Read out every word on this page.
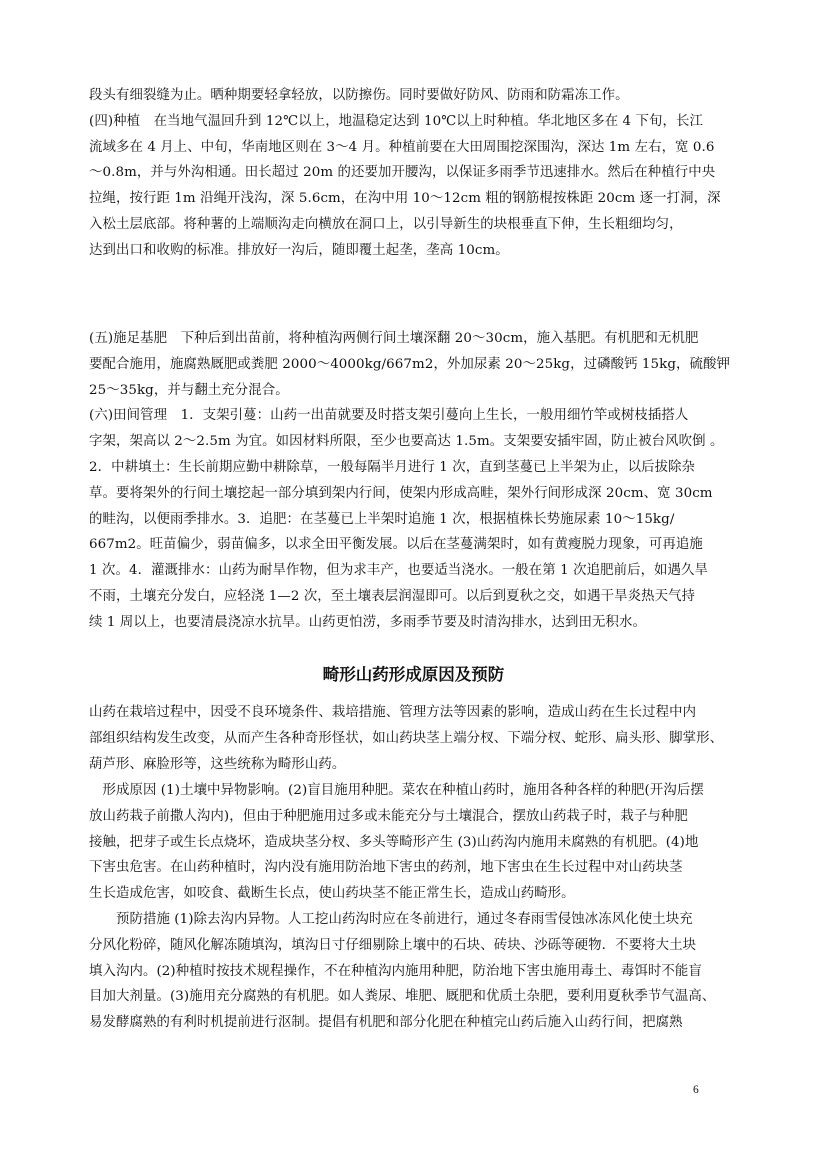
段头有细裂缝为止。晒种期要轻拿轻放，以防擦伤。同时要做好防风、防雨和防霜冻工作。
(四)种植　在当地气温回升到 12℃以上，地温稳定达到 10℃以上时种植。华北地区多在 4 下旬，长江
流域多在 4 月上、中旬，华南地区则在 3～4 月。种植前要在大田周围挖深围沟，深达 1m 左右，宽 0.6
～0.8m，并与外沟相通。田长超过 20m 的还要加开腰沟，以保证多雨季节迅速排水。然后在种植行中央
拉绳，按行距 1m 沿绳开浅沟，深 5.6cm，在沟中用 10～12cm 粗的钢筋棍按株距 20cm 逐一打洞，深
入松土层底部。将种薯的上端顺沟走向横放在洞口上，以引导新生的块根垂直下伸，生长粗细均匀，
达到出口和收购的标准。排放好一沟后，随即覆土起垄，垄高 10cm。
(五)施足基肥　下种后到出苗前，将种植沟两侧行间土壤深翻 20～30cm，施入基肥。有机肥和无机肥
要配合施用，施腐熟厩肥或粪肥 2000～4000kg/667m2，外加尿素 20～25kg，过磷酸钙 15kg，硫酸钾
25～35kg，并与翻土充分混合。
(六)田间管理　1．支架引蔓：山药一出苗就要及时搭支架引蔓向上生长，一般用细竹竿或树枝插搭人
字架，架高以 2～2.5m 为宜。如因材料所限，至少也要高达 1.5m。支架要安插牢固，防止被台风吹倒 。
2．中耕填土：生长前期应勤中耕除草，一般每隔半月进行 1 次，直到茎蔓已上半架为止，以后拔除杂
草。要将架外的行间土壤挖起一部分填到架内行间，使架内形成高畦，架外行间形成深 20cm、宽 30cm
的畦沟，以便雨季排水。3．追肥：在茎蔓已上半架时追施 1 次，根据植株长势施尿素 10～15kg/
667m2。旺苗偏少，弱苗偏多，以求全田平衡发展。以后在茎蔓满架时，如有黄瘦脱力现象，可再追施
1 次。4．灌溉排水：山药为耐旱作物，但为求丰产，也要适当浇水。一般在第 1 次追肥前后，如遇久旱
不雨，土壤充分发白，应轻浇 1—2 次，至土壤表层润湿即可。以后到夏秋之交，如遇干旱炎热天气持
续 1 周以上，也要清晨浇凉水抗旱。山药更怕涝，多雨季节要及时清沟排水，达到田无积水。
畸形山药形成原因及预防
山药在栽培过程中，因受不良环境条件、栽培措施、管理方法等因素的影响，造成山药在生长过程中内
部组织结构发生改变，从而产生各种奇形怪状，如山药块茎上端分杈、下端分杈、蛇形、扁头形、脚掌形、
葫芦形、麻脸形等，这些统称为畸形山药。
　形成原因 (1)土壤中异物影响。(2)盲目施用种肥。菜农在种植山药时，施用各种各样的种肥(开沟后摆
放山药栽子前撒人沟内)，但由于种肥施用过多或未能充分与土壤混合，摆放山药栽子时，栽子与种肥
接触，把芽子或生长点烧坏，造成块茎分杈、多头等畸形产生 (3)山药沟内施用未腐熟的有机肥。(4)地
下害虫危害。在山药种植时，沟内没有施用防治地下害虫的药剂，地下害虫在生长过程中对山药块茎
生长造成危害，如咬食、截断生长点，使山药块茎不能正常生长，造成山药畸形。
　　预防措施 (1)除去沟内异物。人工挖山药沟时应在冬前进行，通过冬春雨雪侵蚀冰冻风化使土块充
分风化粉碎，随风化解冻随填沟，填沟日寸仔细剔除上壤中的石块、砖块、沙砾等硬物．不要将大土块
填入沟内。(2)种植时按技术规程操作，不在种植沟内施用种肥，防治地下害虫施用毒土、毒饵时不能盲
目加大剂量。(3)施用充分腐熟的有机肥。如人粪尿、堆肥、厩肥和优质土杂肥，要利用夏秋季节气温高、
易发酵腐熟的有利时机提前进行沤制。提倡有机肥和部分化肥在种植完山药后施入山药行间，把腐熟
6
